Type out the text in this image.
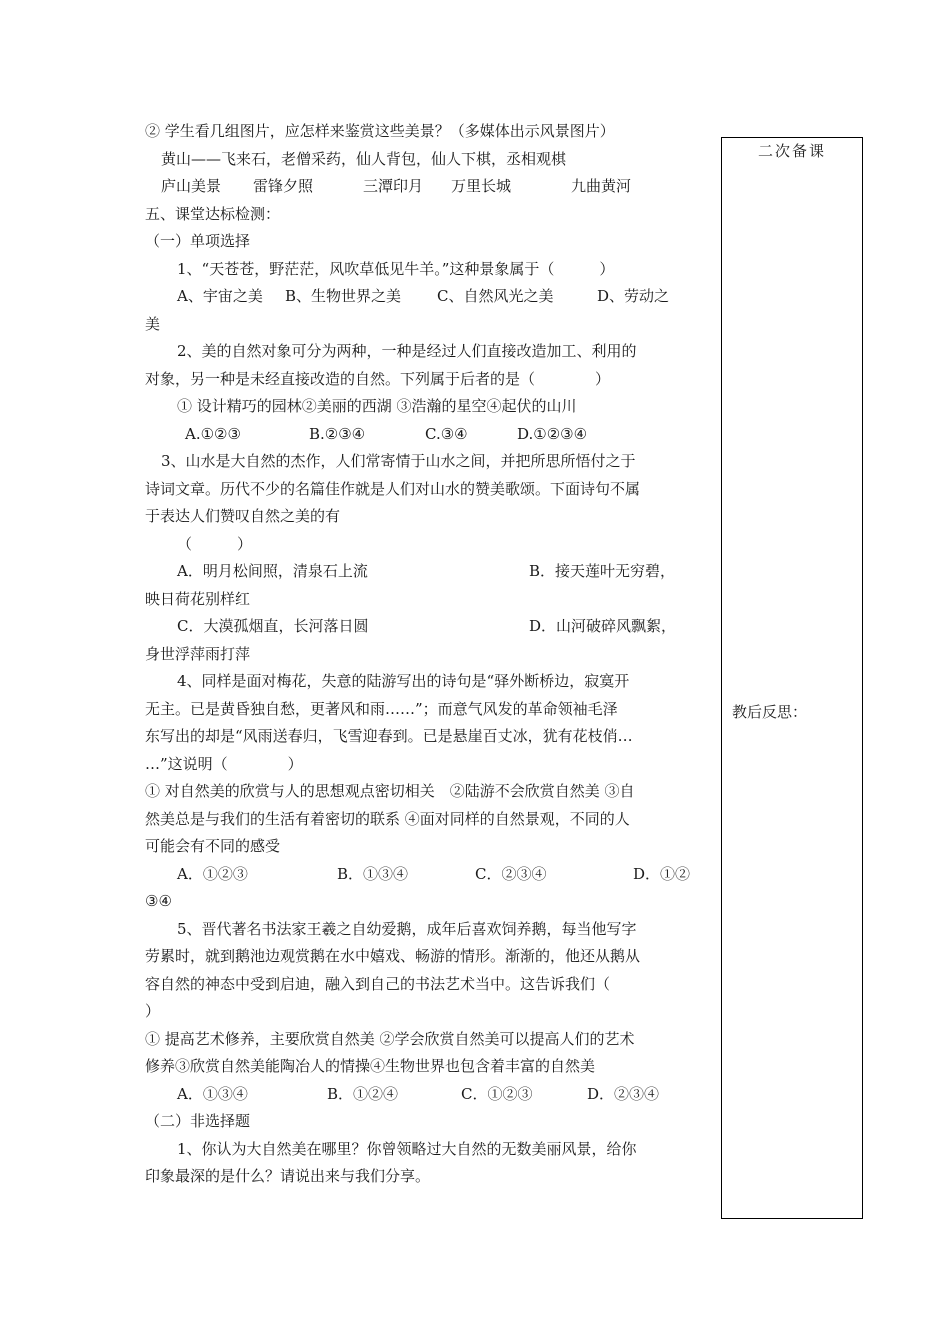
② 学生看几组图片，应怎样来鉴赏这些美景？（多媒体出示风景图片）
黄山——飞来石，老僧采药，仙人背包，仙人下棋，丞相观棋
庐山美景 雷锋夕照	三潭印月 万里长城	九曲黄河
五、课堂达标检测：
（一）单项选择
1、“天苍苍，野茫茫，风吹草低见牛羊。”这种景象属于（　　　）
A、宇宙之美 B、生物世界之美 C、自然风光之美	D、劳动之
美
2、美的自然对象可分为两种，一种是经过人们直接改造加工、利用的
对象，另一种是未经直接改造的自然。下列属于后者的是（　　　　）
① 设计精巧的园林②美丽的西湖 ③浩瀚的星空④起伏的山川
A.①②③	B.②③④	C.③④	D.①②③④
3、山水是大自然的杰作，人们常寄情于山水之间，并把所思所悟付之于
诗词文章。历代不少的名篇佳作就是人们对山水的赞美歌颂。下面诗句不属
于表达人们赞叹自然之美的有
（　　　）
A．明月松间照，清泉石上流	B．接天莲叶无穷碧，
映日荷花别样红
C．大漠孤烟直，长河落日圆	D．山河破碎风飘絮，
身世浮萍雨打萍
4、同样是面对梅花，失意的陆游写出的诗句是“驿外断桥边，寂寞开
无主。已是黄昏独自愁，更著风和雨……”；而意气风发的革命领袖毛泽
东写出的却是“风雨送春归，飞雪迎春到。已是悬崖百丈冰，犹有花枝俏…
…”这说明（　　　　）
① 对自然美的欣赏与人的思想观点密切相关　②陆游不会欣赏自然美 ③自
然美总是与我们的生活有着密切的联系 ④面对同样的自然景观，不同的人
可能会有不同的感受
A．①②③	B．①③④	C．②③④	D．①②
③④
5、晋代著名书法家王羲之自幼爱鹅，成年后喜欢饲养鹅，每当他写字
劳累时，就到鹅池边观赏鹅在水中嬉戏、畅游的情形。渐渐的，他还从鹅从
容自然的神态中受到启迪，融入到自己的书法艺术当中。这告诉我们（
）
① 提高艺术修养，主要欣赏自然美 ②学会欣赏自然美可以提高人们的艺术
修养③欣赏自然美能陶冶人的情操④生物世界也包含着丰富的自然美
A．①③④	B．①②④	C．①②③	D．②③④
（二）非选择题
1、你认为大自然美在哪里？你曾领略过大自然的无数美丽风景，给你
印象最深的是什么？请说出来与我们分享。
二次备课
教后反思：
